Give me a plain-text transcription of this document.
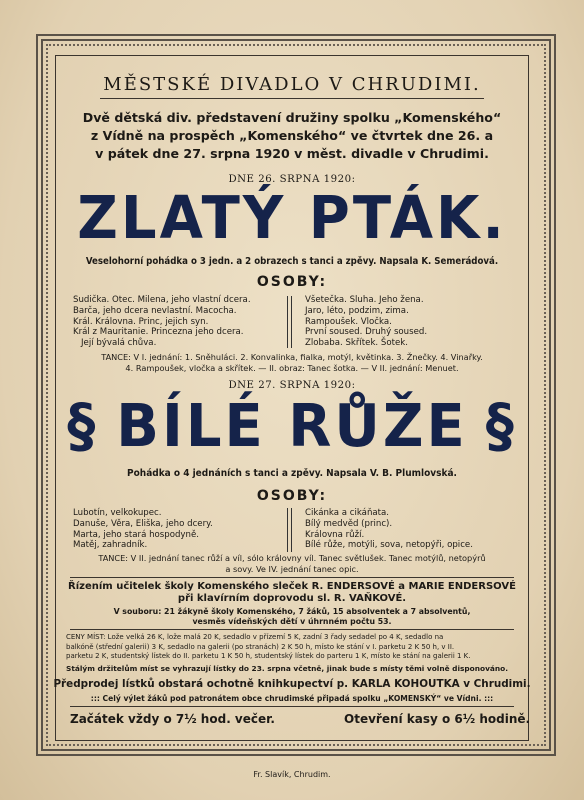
MĚSTSKÉ DIVADLO V CHRUDIMI.
Dvě dětská div. představení družiny spolku „Komenského“
z Vídně na prospěch „Komenského“ ve čtvrtek dne 26. a
v pátek dne 27. srpna 1920 v měst. divadle v Chrudimi.
DNE 26. SRPNA 1920:
ZLATÝ PTÁK.
Veselohorní pohádka o 3 jedn. a 2 obrazech s tanci a zpěvy. Napsala K. Semerádová.
OSOBY:
Sudička. Otec. Milena, jeho vlastní dcera.
Barča, jeho dcera nevlastní. Macocha.
Král. Královna. Princ, jejich syn.
Král z Mauritanie. Princezna jeho dcera.
Její bývalá chůva.
Všetečka. Sluha. Jeho žena.
Jaro, léto, podzim, zima.
Rampoušek. Vločka.
První soused. Druhý soused.
Zlobaba. Skřítek. Šotek.
TANCE: V I. jednání: 1. Sněhuláci. 2. Konvalinka, fialka, motýl, květinka. 3. Žnečky. 4. Vinařky.
4. Rampoušek, vločka a skřítek. — II. obraz: Tanec šotka. — V II. jednání: Menuet.
DNE 27. SRPNA 1920:
§ BÍLÉ RŮŽE §
Pohádka o 4 jednáních s tanci a zpěvy. Napsala V. B. Plumlovská.
OSOBY:
Lubotín, velkokupec.
Danuše, Věra, Eliška, jeho dcery.
Marta, jeho stará hospodyně.
Matěj, zahradník.
Cikánka a cikáňata.
Bílý medvěd (princ).
Královna růží.
Bílé růže, motýli, sova, netopýři, opice.
TANCE: V II. jednání tanec růží a víl, sólo královny víl. Tanec světlušek. Tanec motýlů, netopýrů
a sovy. Ve IV. jednání tanec opic.
Řízením učitelek školy Komenského sleček R. ENDERSOVÉ a MARIE ENDERSOVÉ
při klavírním doprovodu sl. R. VAŇKOVÉ.
V souboru: 21 žákyně školy Komenského, 7 žáků, 15 absolventek a 7 absolventů,
vesměs vídeňských dětí v úhrnném počtu 53.
CENY MÍST: Lože velká 26 K, lože malá 20 K, sedadlo v přízemí 5 K, zadní 3 řady sedadel po 4 K, sedadlo na
balkóně (střední galerii) 3 K, sedadlo na galerii (po stranách) 2 K 50 h, místo ke stání v I. parketu 2 K 50 h, v II.
parketu 2 K, studentský lístek do II. parketu 1 K 50 h, studentský lístek do parteru 1 K, místo ke stání na galerii 1 K.
Stálým držitelům míst se vyhrazují lístky do 23. srpna včetně, jinak bude s místy těmi volně disponováno.
Předprodej lístků obstará ochotně knihkupectví p. KARLA KOHOUTKA v Chrudimi.
::: Celý výlet žáků pod patronátem obce chrudimské připadá spolku „KOMENSKÝ“ ve Vídni. :::
Začátek vždy o 7½ hod. večer.	Otevření kasy o 6½ hodině.
Fr. Slavík, Chrudim.
